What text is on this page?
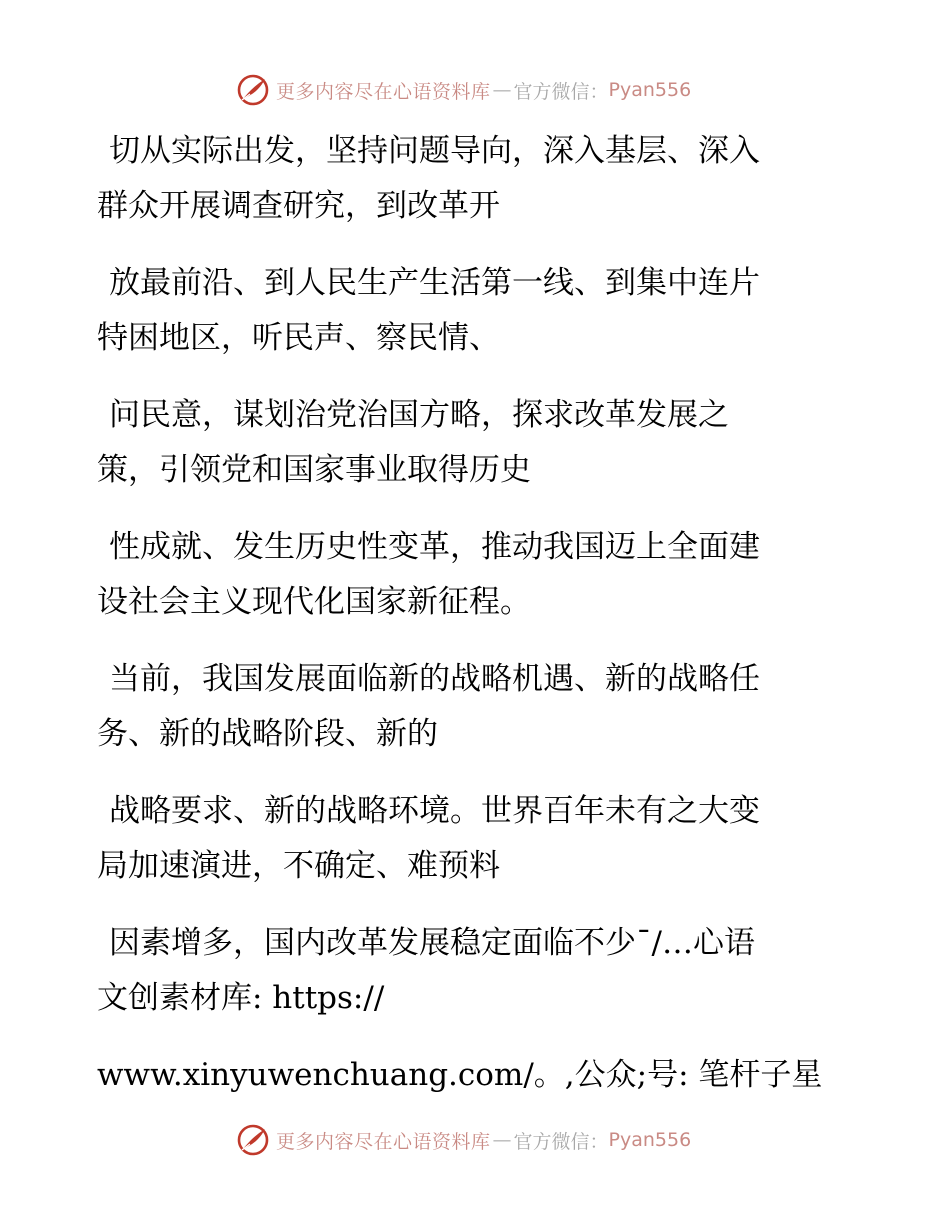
更多内容尽在心语资料库 — 官方微信： Pyan556
切从实际出发，坚持问题导向，深入基层、深入
群众开展调查研究，到改革开
放最前沿、到人民生产生活第一线、到集中连片
特困地区，听民声、察民情、
问民意，谋划治党治国方略，探求改革发展之
策，引领党和国家事业取得历史
性成就、发生历史性变革，推动我国迈上全面建
设社会主义现代化国家新征程。
当前，我国发展面临新的战略机遇、新的战略任
务、新的战略阶段、新的
战略要求、新的战略环境。世界百年未有之大变
局加速演进，不确定、难预料
因素增多，国内改革发展稳定面临不少¯/…心语
文创素材库: https://
www.xinyuwenchuang.com/。,公众;号: 笔杆子星
更多内容尽在心语资料库 — 官方微信： Pyan556
